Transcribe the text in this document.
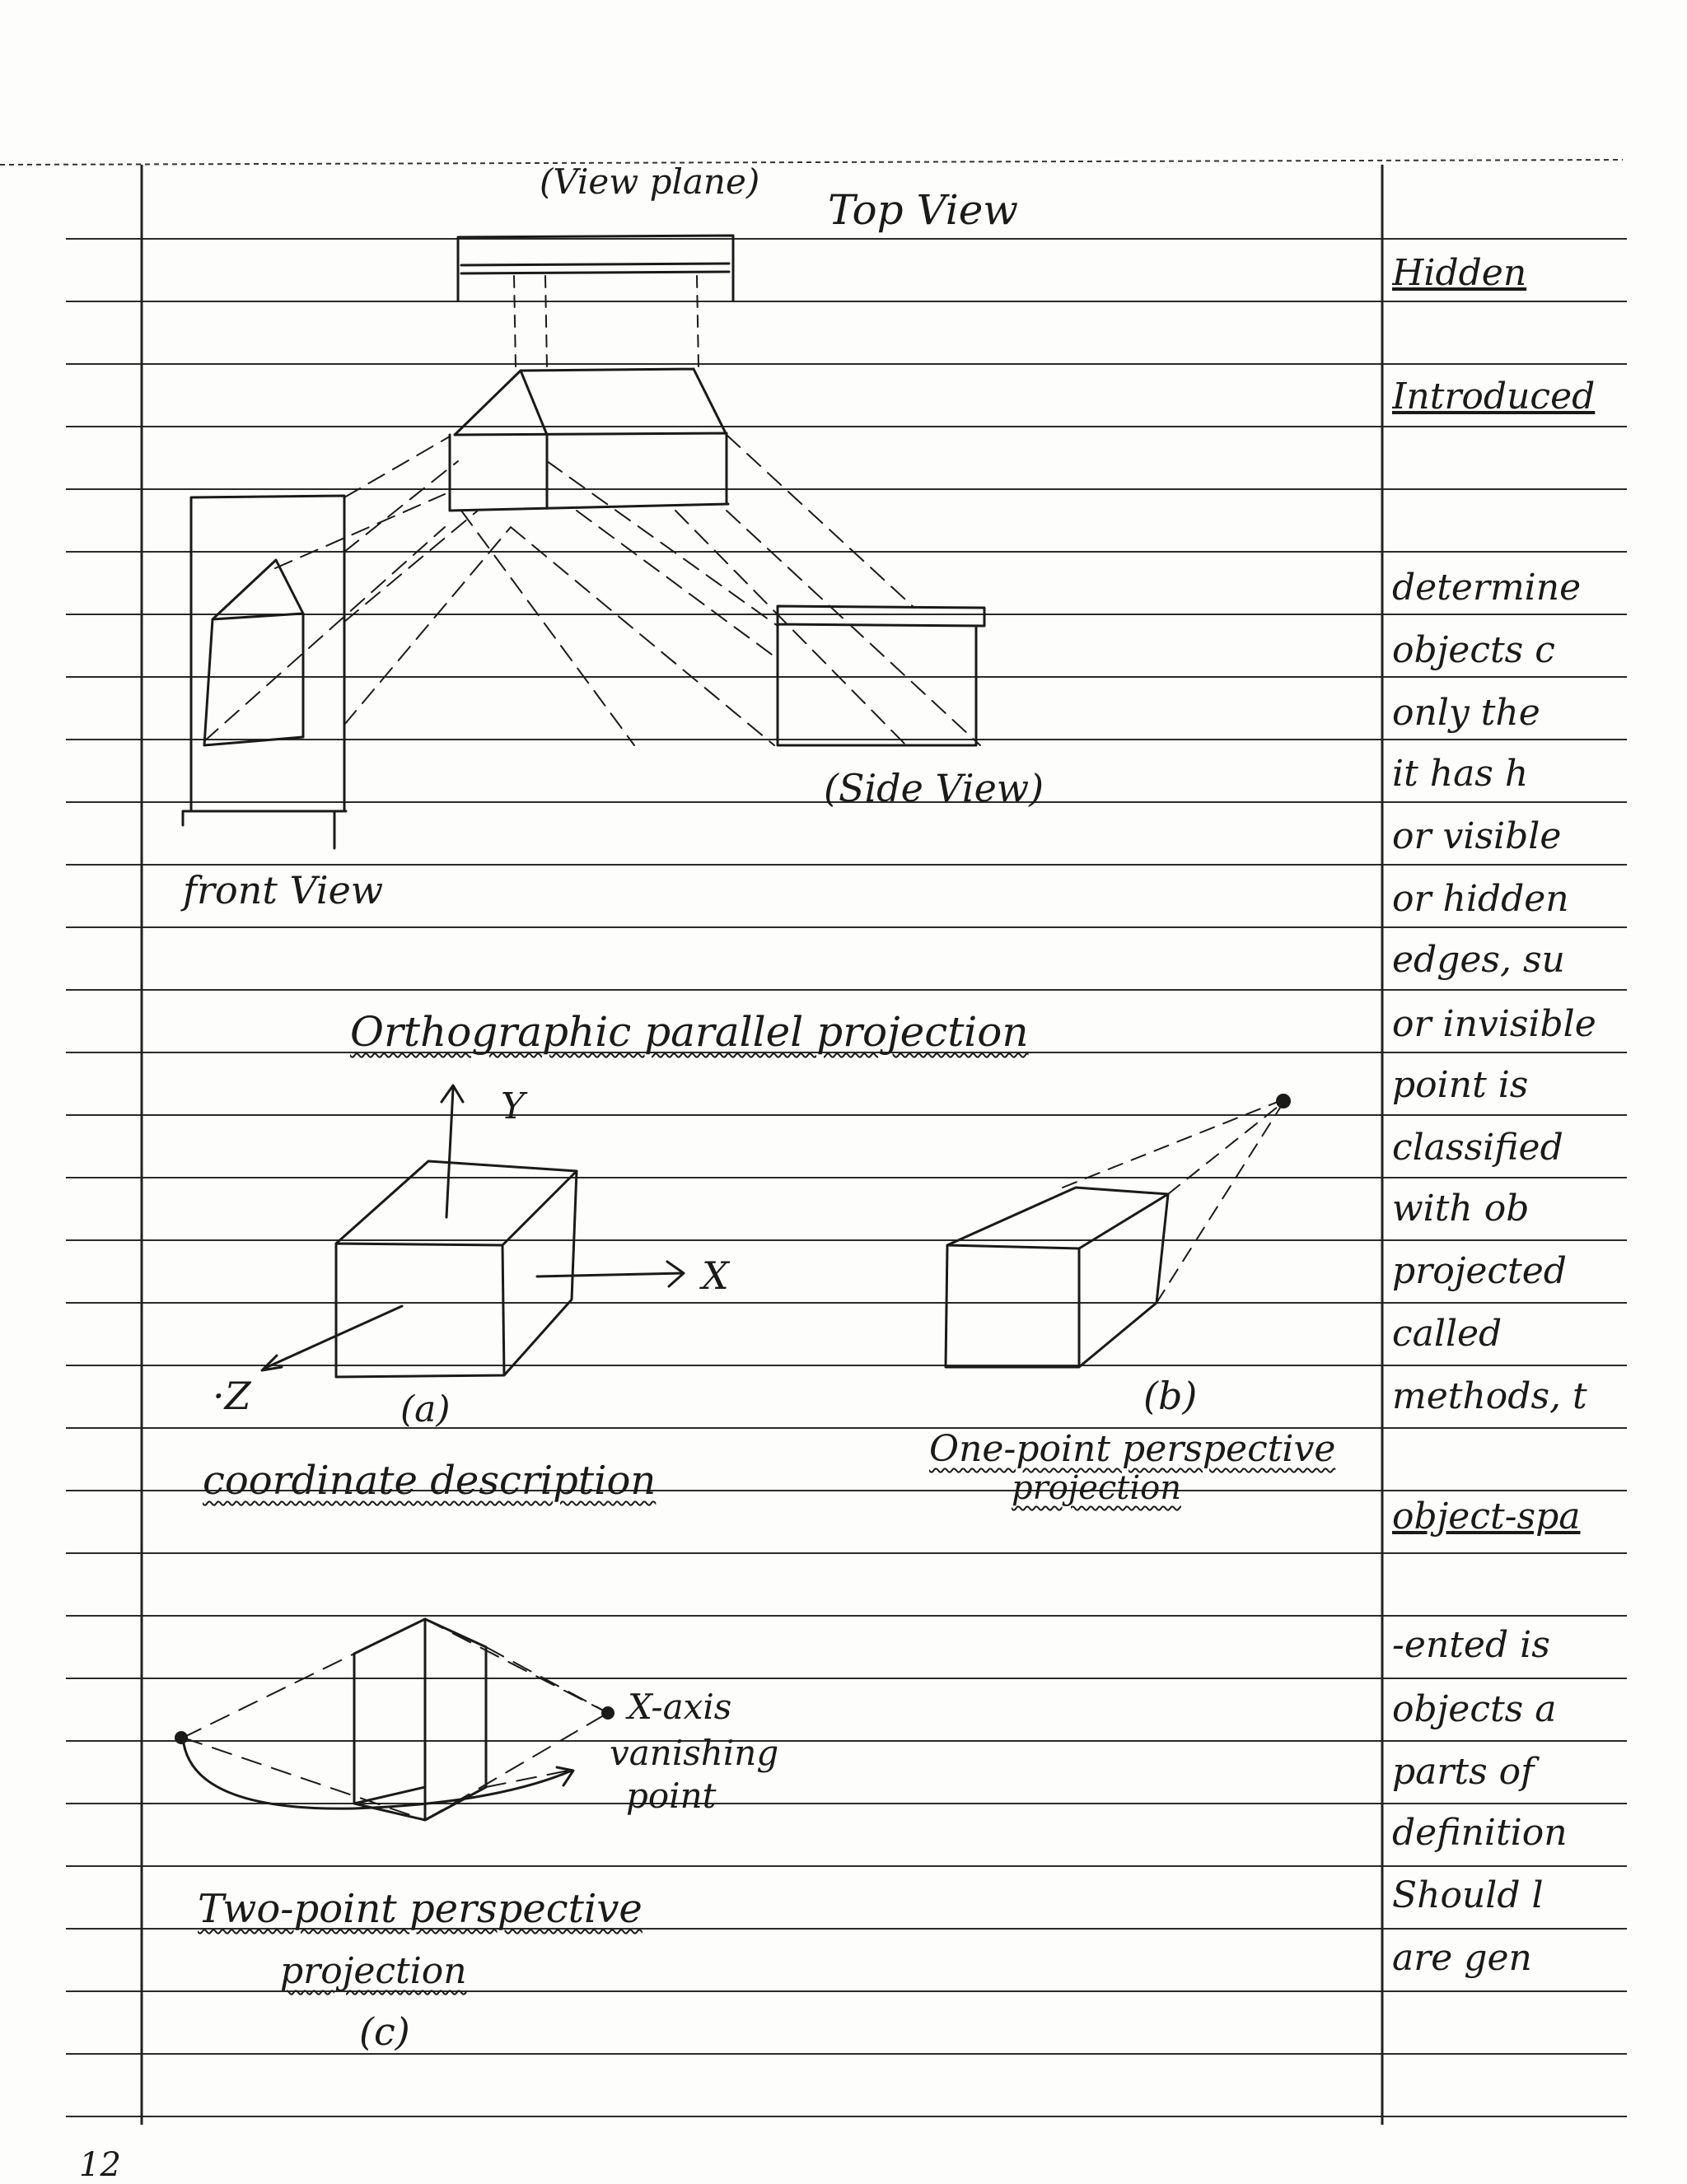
(View plane)
Top View
(Side View)
front View
Orthographic parallel projection
Y
X
·Z	(a)
coordinate description
(b)
One-point perspective
projection
X-axis
vanishing
point
Two-point perspective
projection
(c)
Hidden
Introduced
determine
objects c
only the
it has h
or visible
or hidden
edges, su
or invisible
point is
classified
with ob
projected
called
methods, t
object-spa
-ented is
objects a
parts of
definition
Should l
are gen
12
